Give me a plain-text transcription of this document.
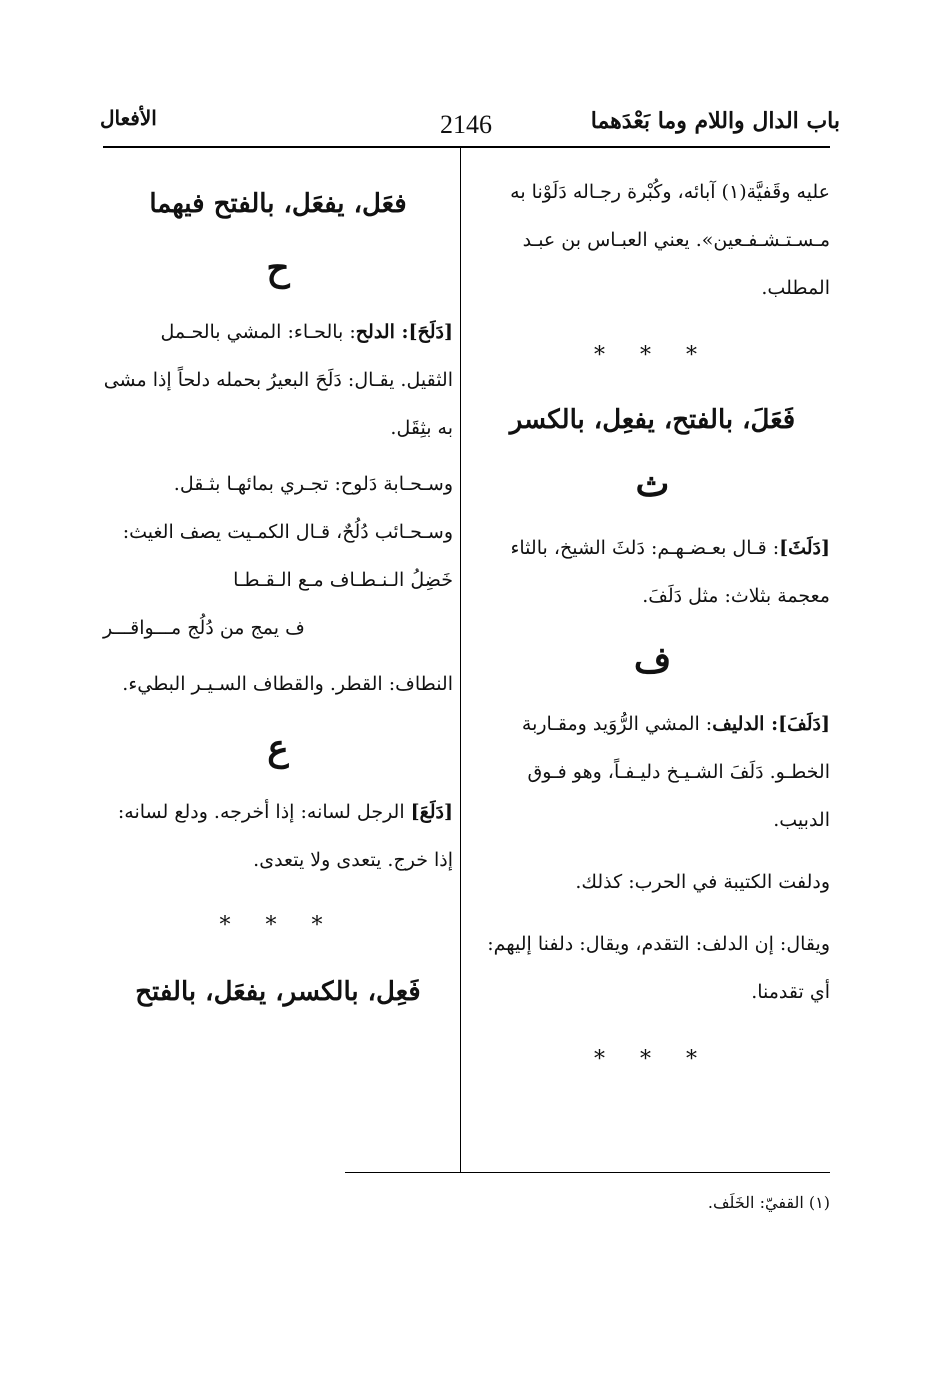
باب الدال واللام وما بَعْدَهما
2146
الأفعال

عليه وقَفيَّة(١) آبائه، وكُبْرة رجـاله دَلَوْنا به مـسـتـشـفـعين». يعني العبـاس بن عبـد المطلب.

* * *

فَعَلَ، بالفتح، يفعِل، بالكسر

ث

[دَلَثَ]: قـال بعـضـهـم: دَلثَ الشيخ، بالثاء معجمة بثلاث: مثل دَلَفَ.

ف

[دَلَفَ]: الدليف: المشي الرُّوَيد ومقـاربة الخطـو. دَلَفَ الشـيـخ دليـفـاً، وهو فـوق الدبيب.

ودلفت الكتيبة في الحرب: كذلك.

ويقال: إن الدلف: التقدم، ويقال: دلفنا إليهم: أي تقدمنا.

* * *

فعَل، يفعَل، بالفتح فيهما

ح

[دَلَحَ]: الدلح: بالحـاء: المشي بالحـمل الثقيل. يقـال: دَلَحَ البعيرُ بحمله دلحاً إذا مشى به بثِقَل.

وسـحـابة دَلوح: تجـري بمائهـا بثـقل. وسـحـائب دُلُحٌ، قـال الكمـيت يصف الغيث:

خَضِلُ الـنـطـاف مـع الـقـطـا

ف يمج من دُلُج مـــواقـــر

النطاف: القطر. والقطاف السـيـر البطيء.

ع

[دَلَعَ] الرجل لسانه: إذا أخرجه. ودلع لسانه: إذا خرج. يتعدى ولا يتعدى.

* * *

فَعِل، بالكسر، يفعَل، بالفتح

(١) القفيّ: الخَلَف.
